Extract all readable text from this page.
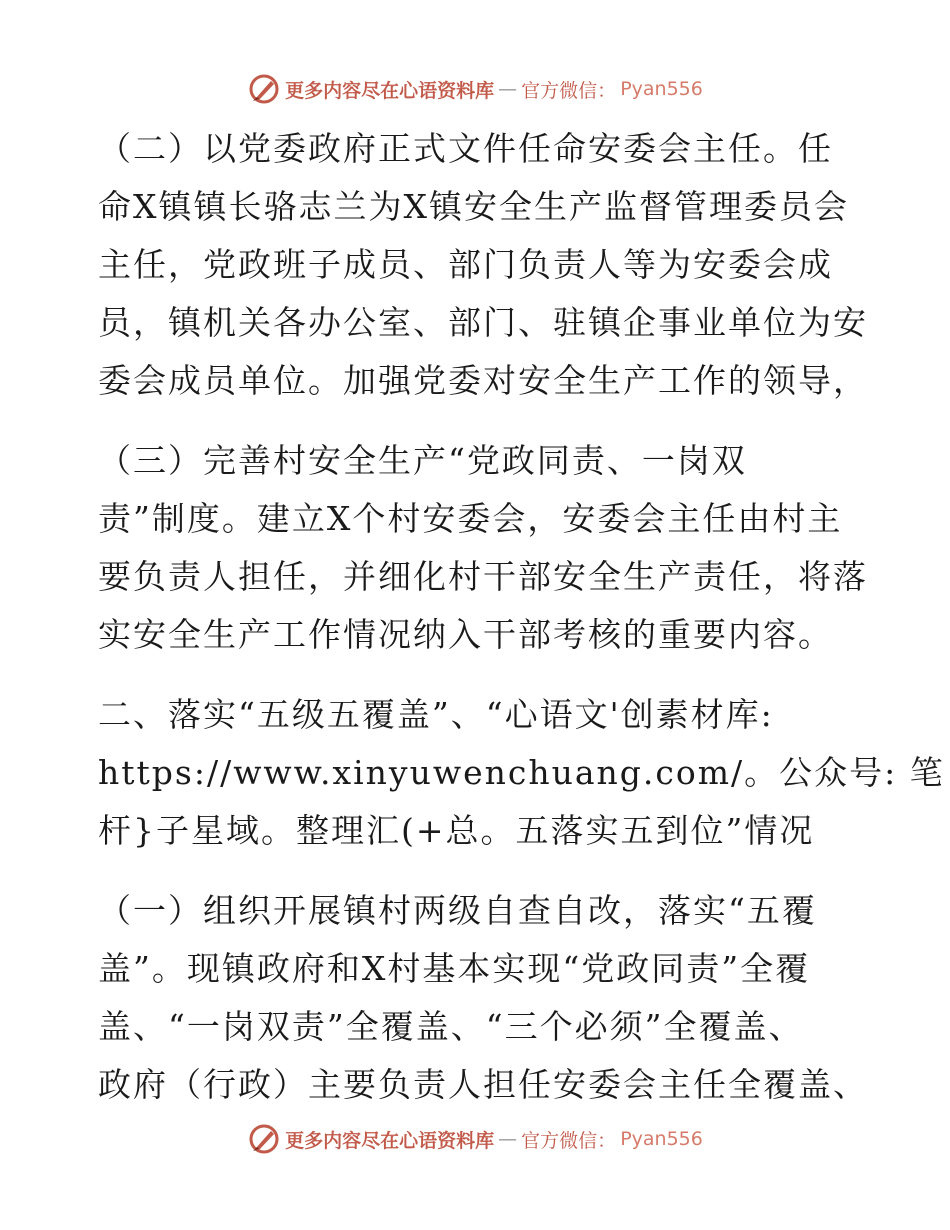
更多内容尽在心语资料库 — 官方微信： Pyan556
（二）以党委政府正式文件任命安委会主任。任
命X镇镇长骆志兰为X镇安全生产监督管理委员会
主任，党政班子成员、部门负责人等为安委会成
员，镇机关各办公室、部门、驻镇企事业单位为安
委会成员单位。加强党委对安全生产工作的领导，
（三）完善村安全生产“党政同责、一岗双
责”制度。建立X个村安委会，安委会主任由村主
要负责人担任，并细化村干部安全生产责任，将落
实安全生产工作情况纳入干部考核的重要内容。
二、落实“五级五覆盖”、“心语文'创素材库:
https://www.xinyuwenchuang.com/。公众号: 笔
杆}子星域。整理汇(+总。五落实五到位”情况
（一）组织开展镇村两级自查自改，落实“五覆
盖”。现镇政府和X村基本实现“党政同责”全覆
盖、“一岗双责”全覆盖、“三个必须”全覆盖、
政府（行政）主要负责人担任安委会主任全覆盖、
更多内容尽在心语资料库 — 官方微信： Pyan556
